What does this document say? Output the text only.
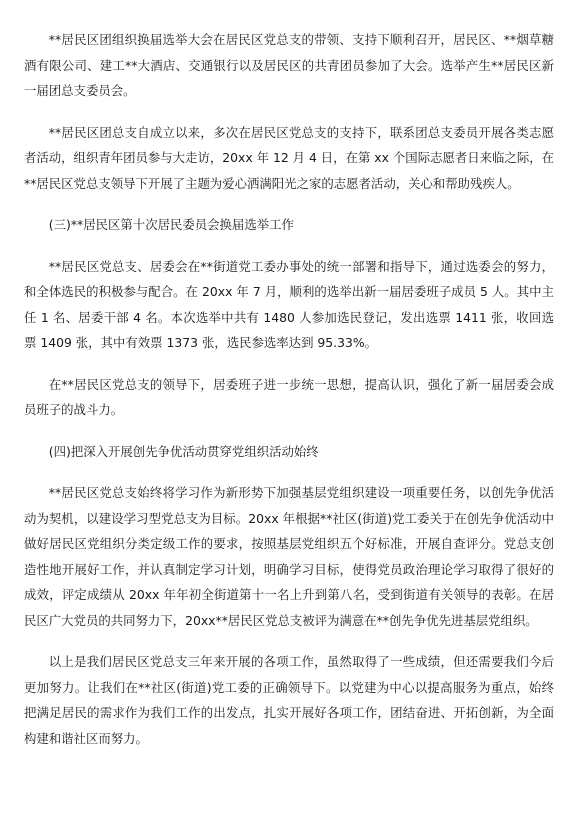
**居民区团组织换届选举大会在居民区党总支的带领、支持下顺利召开，居民区、**烟草糖酒有限公司、建工**大酒店、交通银行以及居民区的共青团员参加了大会。选举产生**居民区新一届团总支委员会。

**居民区团总支自成立以来，多次在居民区党总支的支持下，联系团总支委员开展各类志愿者活动，组织青年团员参与大走访，20xx 年 12 月 4 日，在第 xx 个国际志愿者日来临之际，在**居民区党总支领导下开展了主题为爱心洒满阳光之家的志愿者活动，关心和帮助残疾人。

(三)**居民区第十次居民委员会换届选举工作

**居民区党总支、居委会在**街道党工委办事处的统一部署和指导下，通过选委会的努力，和全体选民的积极参与配合。在 20xx 年 7 月，顺利的选举出新一届居委班子成员 5 人。其中主任 1 名、居委干部 4 名。本次选举中共有 1480 人参加选民登记，发出选票 1411 张，收回选票 1409 张，其中有效票 1373 张，选民参选率达到 95.33%。

在**居民区党总支的领导下，居委班子进一步统一思想，提高认识，强化了新一届居委会成员班子的战斗力。

(四)把深入开展创先争优活动贯穿党组织活动始终

**居民区党总支始终将学习作为新形势下加强基层党组织建设一项重要任务，以创先争优活动为契机，以建设学习型党总支为目标。20xx 年根据**社区(街道)党工委关于在创先争优活动中做好居民区党组织分类定级工作的要求，按照基层党组织五个好标准，开展自查评分。党总支创造性地开展好工作，并认真制定学习计划，明确学习目标，使得党员政治理论学习取得了很好的成效，评定成绩从 20xx 年年初全街道第十一名上升到第八名，受到街道有关领导的表彰。在居民区广大党员的共同努力下，20xx**居民区党总支被评为满意在**创先争优先进基层党组织。

以上是我们居民区党总支三年来开展的各项工作，虽然取得了一些成绩，但还需要我们今后更加努力。让我们在**社区(街道)党工委的正确领导下。以党建为中心以提高服务为重点，始终把满足居民的需求作为我们工作的出发点，扎实开展好各项工作，团结奋进、开拓创新，为全面构建和谐社区而努力。
